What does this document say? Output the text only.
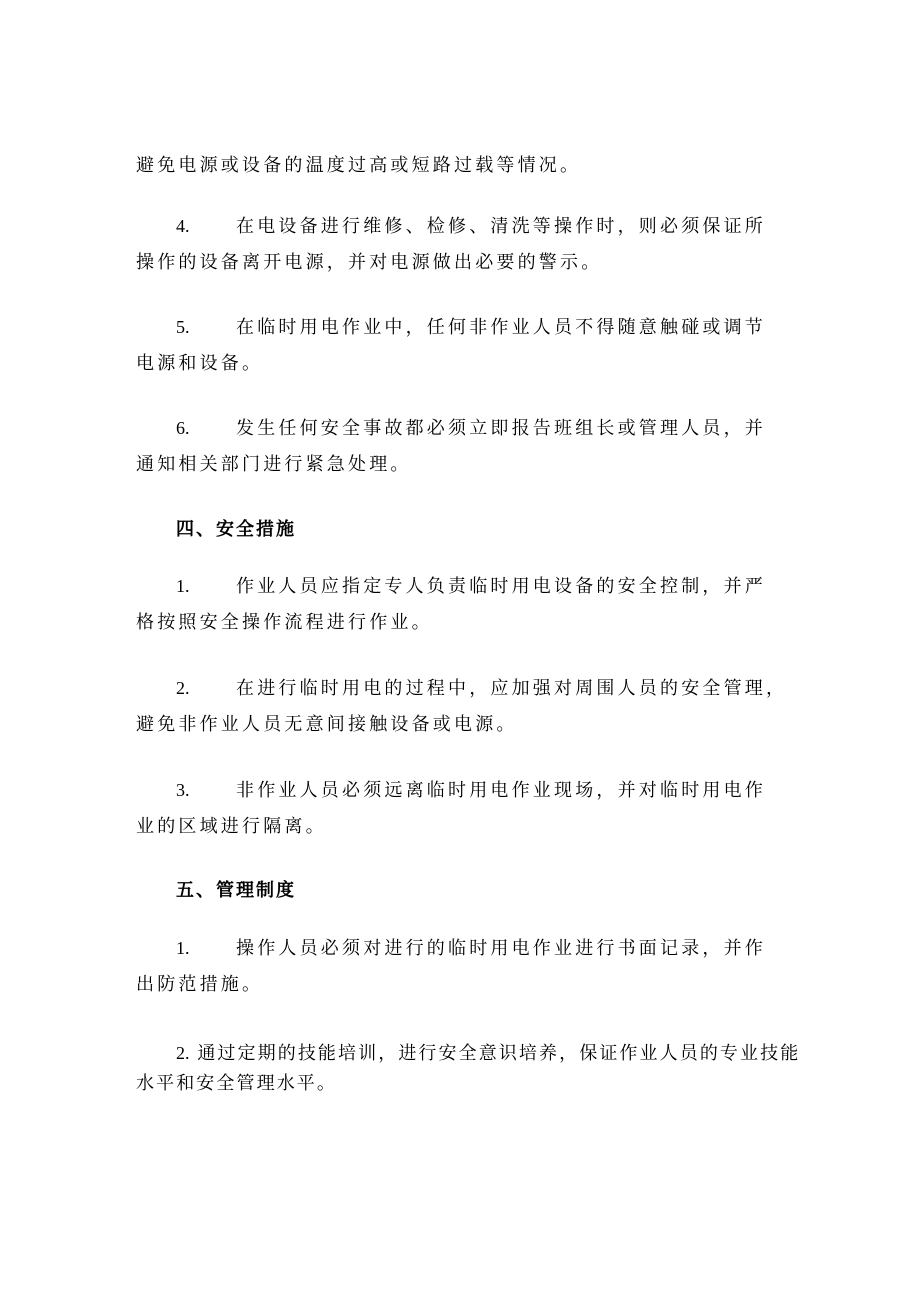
避免电源或设备的温度过高或短路过载等情况。
4.	在电设备进行维修、检修、清洗等操作时，则必须保证所
操作的设备离开电源，并对电源做出必要的警示。
5.	在临时用电作业中，任何非作业人员不得随意触碰或调节
电源和设备。
6.	发生任何安全事故都必须立即报告班组长或管理人员，并
通知相关部门进行紧急处理。
四、安全措施
1.	作业人员应指定专人负责临时用电设备的安全控制，并严
格按照安全操作流程进行作业。
2.	在进行临时用电的过程中，应加强对周围人员的安全管理，
避免非作业人员无意间接触设备或电源。
3.	非作业人员必须远离临时用电作业现场，并对临时用电作
业的区域进行隔离。
五、管理制度
1.	操作人员必须对进行的临时用电作业进行书面记录，并作
出防范措施。
2. 通过定期的技能培训，进行安全意识培养，保证作业人员的专业技能
水平和安全管理水平。
